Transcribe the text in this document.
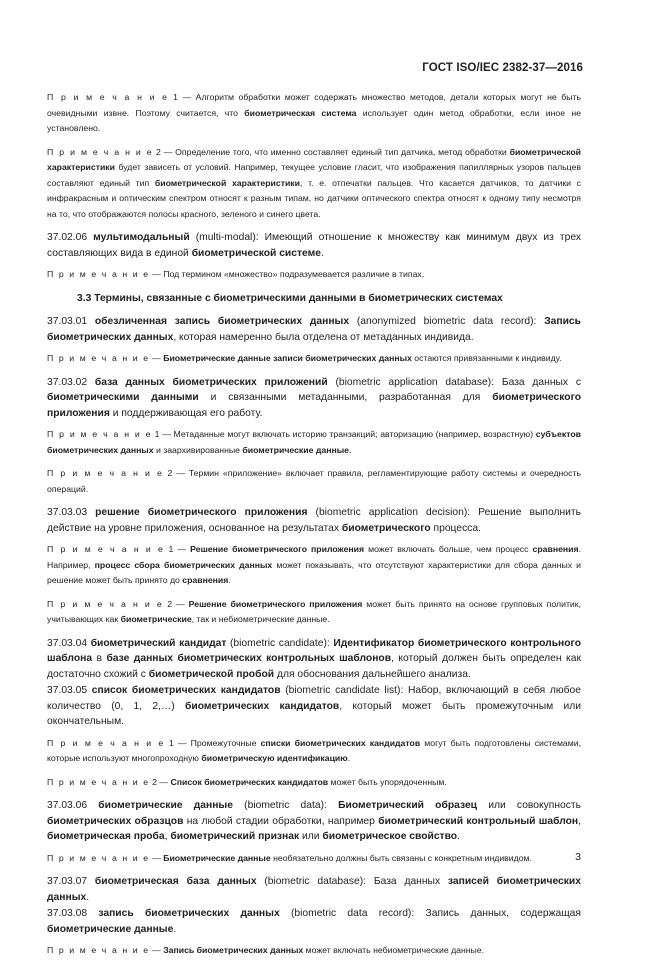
ГОСТ ISO/IEC 2382-37—2016

П р и м е ч а н и е 1 — Алгоритм обработки может содержать множество методов, детали которых могут не быть очевидными извне. Поэтому считается, что биометрическая система использует один метод обработки, если иное не установлено.

П р и м е ч а н и е 2 — Определение того, что именно составляет единый тип датчика, метод обработки биометрической характеристики будет зависеть от условий. Например, текущее условие гласит, что изображения папиллярных узоров пальцев составляют единый тип биометрической характеристики, т. е. отпечатки пальцев. Что касается датчиков, то датчики с инфракрасным и оптическим спектром относят к разным типам, но датчики оптического спектра относят к одному типу несмотря на то, что отображаются полосы красного, зеленого и синего цвета.

37.02.06 мультимодальный (multi-modal): Имеющий отношение к множеству как минимум двух из трех составляющих вида в единой биометрической системе.

П р и м е ч а н и е — Под термином «множество» подразумевается различие в типах.

3.3 Термины, связанные с биометрическими данными в биометрических системах

37.03.01 обезличенная запись биометрических данных (anonymized biometric data record): Запись биометрических данных, которая намеренно была отделена от метаданных индивида.

П р и м е ч а н и е — Биометрические данные записи биометрических данных остаются привязанными к индивиду.

37.03.02 база данных биометрических приложений (biometric application database): База данных с биометрическими данными и связанными метаданными, разработанная для биометрического приложения и поддерживающая его работу.

П р и м е ч а н и е 1 — Метаданные могут включать историю транзакций; авторизацию (например, возрастную) субъектов биометрических данных и заархивированные биометрические данные.

П р и м е ч а н и е 2 — Термин «приложение» включает правила, регламентирующие работу системы и очередность операций.

37.03.03 решение биометрического приложения (biometric application decision): Решение выполнить действие на уровне приложения, основанное на результатах биометрического процесса.

П р и м е ч а н и е 1 — Решение биометрического приложения может включать больше, чем процесс сравнения. Например, процесс сбора биометрических данных может показывать, что отсутствуют характеристики для сбора данных и решение может быть принято до сравнения.

П р и м е ч а н и е 2 — Решение биометрического приложения может быть принято на основе групповых политик, учитывающих как биометрические, так и небиометрические данные.

37.03.04 биометрический кандидат (biometric candidate): Идентификатор биометрического контрольного шаблона в базе данных биометрических контрольных шаблонов, который должен быть определен как достаточно схожий с биометрической пробой для обоснования дальнейшего анализа.

37.03.05 список биометрических кандидатов (biometric candidate list): Набор, включающий в себя любое количество (0, 1, 2,…) биометрических кандидатов, который может быть промежуточным или окончательным.

П р и м е ч а н и е 1 — Промежуточные списки биометрических кандидатов могут быть подготовлены системами, которые используют многопроходную биометрическую идентификацию.

П р и м е ч а н и е 2 — Список биометрических кандидатов может быть упорядоченным.

37.03.06 биометрические данные (biometric data): Биометрический образец или совокупность биометрических образцов на любой стадии обработки, например биометрический контрольный шаблон, биометрическая проба, биометрический признак или биометрическое свойство.

П р и м е ч а н и е — Биометрические данные необязательно должны быть связаны с конкретным индивидом.

37.03.07 биометрическая база данных (biometric database): База данных записей биометрических данных.

37.03.08 запись биометрических данных (biometric data record): Запись данных, содержащая биометрические данные.

П р и м е ч а н и е — Запись биометрических данных может включать небиометрические данные.

3
